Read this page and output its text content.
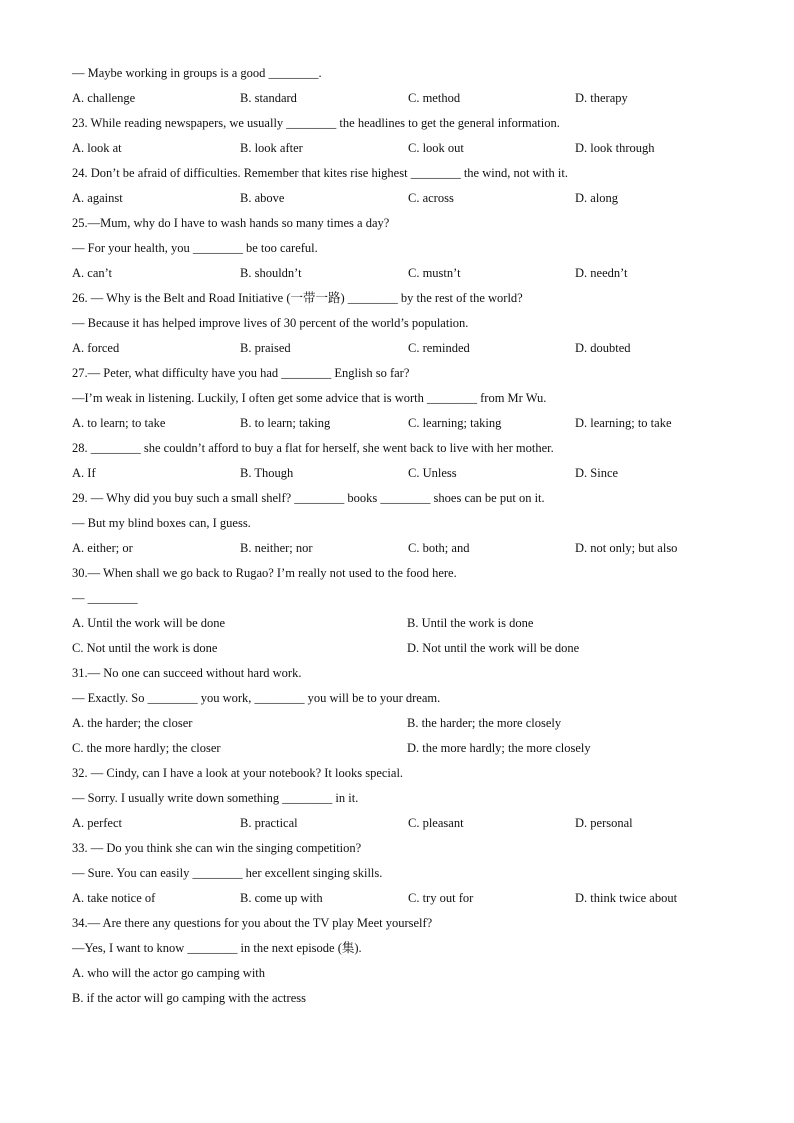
— Maybe working in groups is a good ________.
A. challenge	B. standard	C. method	D. therapy
23. While reading newspapers, we usually ________ the headlines to get the general information.
A. look at	B. look after	C. look out	D. look through
24. Don’t be afraid of difficulties. Remember that kites rise highest ________ the wind, not with it.
A. against	B. above	C. across	D. along
25.—Mum, why do I have to wash hands so many times a day?
— For your health, you ________ be too careful.
A. can’t	B. shouldn’t	C. mustn’t	D. needn’t
26. — Why is the Belt and Road Initiative (一带一路) ________ by the rest of the world?
— Because it has helped improve lives of 30 percent of the world’s population.
A. forced	B. praised	C. reminded	D. doubted
27.— Peter, what difficulty have you had ________ English so far?
—I’m weak in listening. Luckily, I often get some advice that is worth ________ from Mr Wu.
A. to learn; to take	B. to learn; taking	C. learning; taking	D. learning; to take
28. ________ she couldn’t afford to buy a flat for herself, she went back to live with her mother.
A. If	B. Though	C. Unless	D. Since
29. — Why did you buy such a small shelf? ________ books ________ shoes can be put on it.
— But my blind boxes can, I guess.
A. either; or	B. neither; nor	C. both; and	D. not only; but also
30.— When shall we go back to Rugao? I’m really not used to the food here.
— ________
A. Until the work will be done	B. Until the work is done
C. Not until the work is done	D. Not until the work will be done
31.— No one can succeed without hard work.
— Exactly. So ________ you work, ________ you will be to your dream.
A. the harder; the closer	B. the harder; the more closely
C. the more hardly; the closer	D. the more hardly; the more closely
32. — Cindy, can I have a look at your notebook? It looks special.
— Sorry. I usually write down something ________ in it.
A. perfect	B. practical	C. pleasant	D. personal
33. — Do you think she can win the singing competition?
— Sure. You can easily ________ her excellent singing skills.
A. take notice of	B. come up with	C. try out for	D. think twice about
34.— Are there any questions for you about the TV play Meet yourself?
—Yes, I want to know ________ in the next episode (集).
A. who will the actor go camping with
B. if the actor will go camping with the actress
